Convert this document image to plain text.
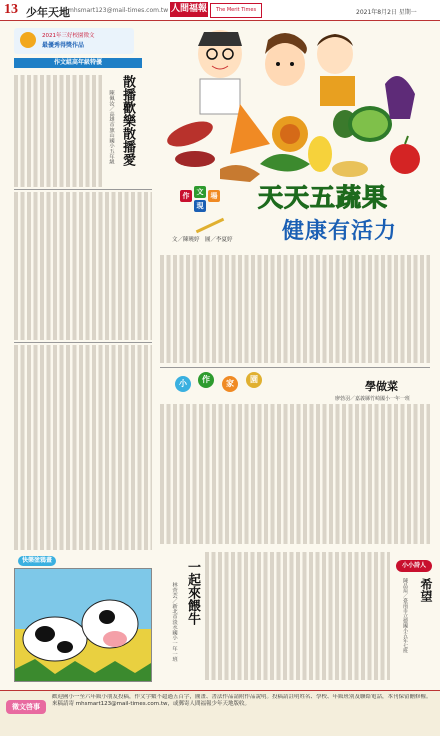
13 少年天地
mhsmart123@mail-times.com.tw 人間福報	The Merit Times	2021年8月2日 星期一
2021年三好校園徵文
最優秀得獎作品
作文組高年級特優
散播歡樂散播愛
陳佩汝／高雄市旗山國小五年級
作	文
現
場
文／陳曉婷　圖／李夏婷
天天五蔬果
健康有活力
小	作	家	園
學做菜
廖勃羽／嘉義縣竹崎國小一年一班
快樂塗鴉畫	一起來餵牛
林萱芸／新北市淡水國小一年一班
小小詩人
希望
陳品瑄／臺南市立德國小五年七班
徵文啓事
歡迎國小一至六年級小朋友投稿，作文字數不超過五百字，圖畫、書法作品請附作品說明。投稿請註明姓名、學校、年級班別及聯絡電話，本刊保留刪修權。來稿請寄 mhsmart123@mail-times.com.tw，或郵寄人間福報少年天地版收。
